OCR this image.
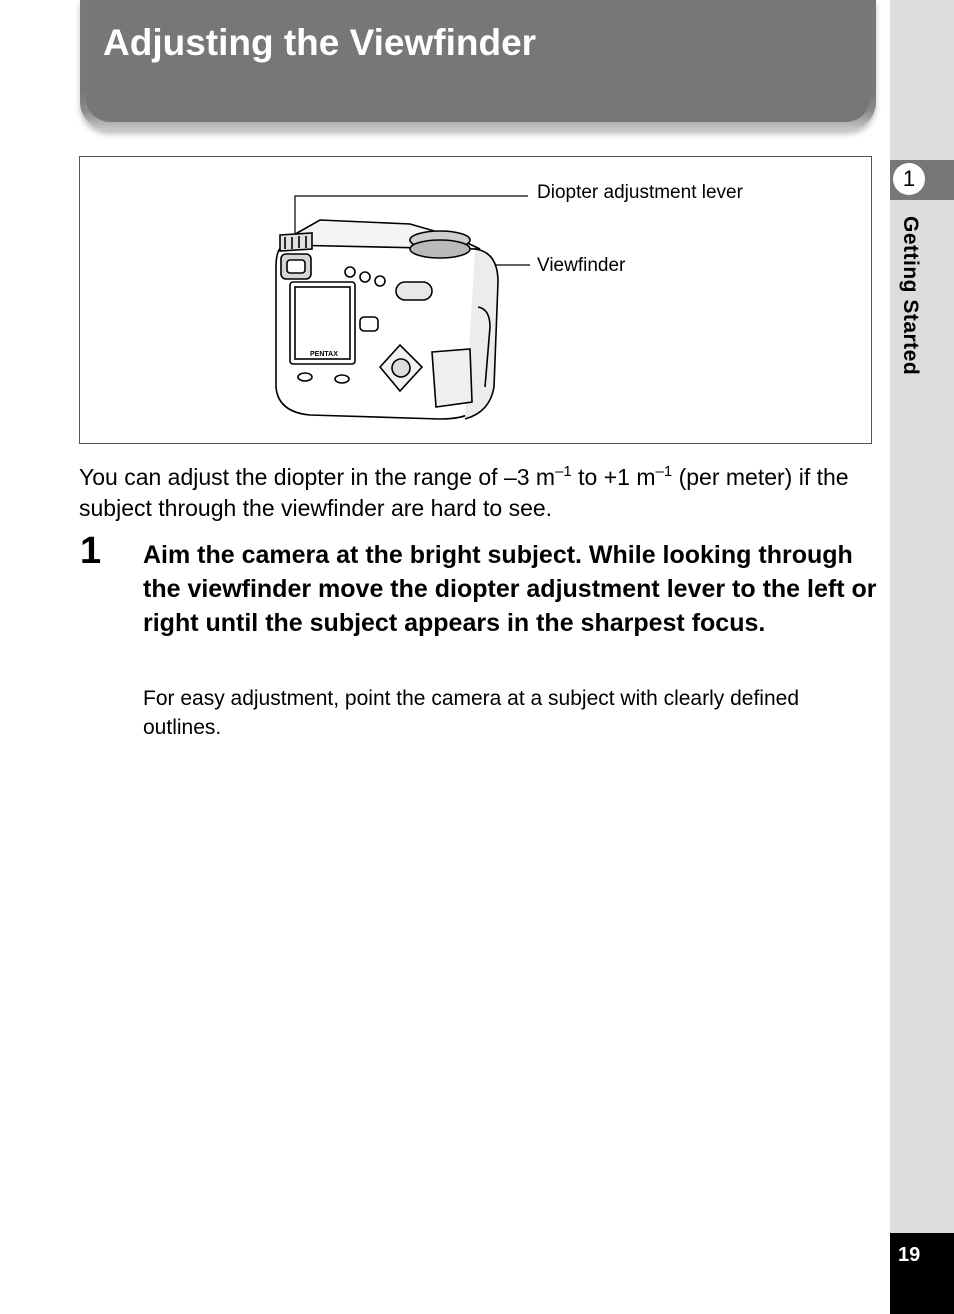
Adjusting the Viewfinder
PENTAX
Diopter adjustment lever
Viewfinder

You can adjust the diopter in the range of –3 $m^{-1}$ to +1 $m^{-1}$ (per meter) if the subject through the viewfinder are hard to see.

1 Aim the camera at the bright subject. While looking through the viewfinder move the diopter adjustment lever to the left or right until the subject appears in the sharpest focus.
For easy adjustment, point the camera at a subject with clearly defined outlines.
1
Getting Started
19
